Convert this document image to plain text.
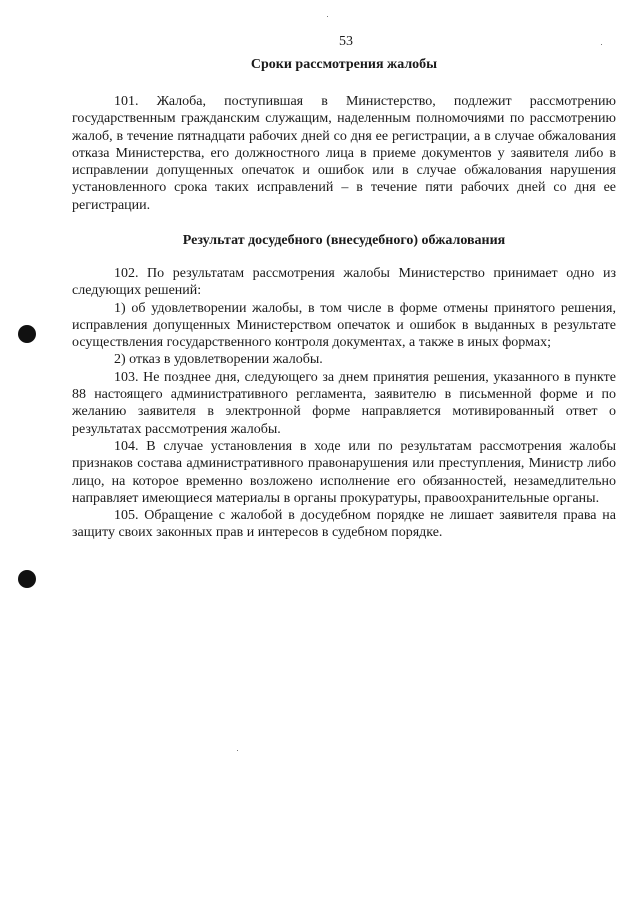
53
Сроки рассмотрения жалобы

101. Жалоба, поступившая в Министерство, подлежит рассмотрению государственным гражданским служащим, наделенным полномочиями по рассмотрению жалоб, в течение пятнадцати рабочих дней со дня ее регистрации, а в случае обжалования отказа Министерства, его должностного лица в приеме документов у заявителя либо в исправлении допущенных опечаток и ошибок или в случае обжалования нарушения установленного срока таких исправлений – в течение пяти рабочих дней со дня ее регистрации.

Результат досудебного (внесудебного) обжалования

102. По результатам рассмотрения жалобы Министерство принимает одно из следующих решений:

1) об удовлетворении жалобы, в том числе в форме отмены принятого решения, исправления допущенных Министерством опечаток и ошибок в выданных в результате осуществления государственного контроля документах, а также в иных формах;

2) отказ в удовлетворении жалобы.

103. Не позднее дня, следующего за днем принятия решения, указанного в пункте 88 настоящего административного регламента, заявителю в письменной форме и по желанию заявителя в электронной форме направляется мотивированный ответ о результатах рассмотрения жалобы.

104. В случае установления в ходе или по результатам рассмотрения жалобы признаков состава административного правонарушения или преступления, Министр либо лицо, на которое временно возложено исполнение его обязанностей, незамедлительно направляет имеющиеся материалы в органы прокуратуры, правоохранительные органы.

105. Обращение с жалобой в досудебном порядке не лишает заявителя права на защиту своих законных прав и интересов в судебном порядке.
